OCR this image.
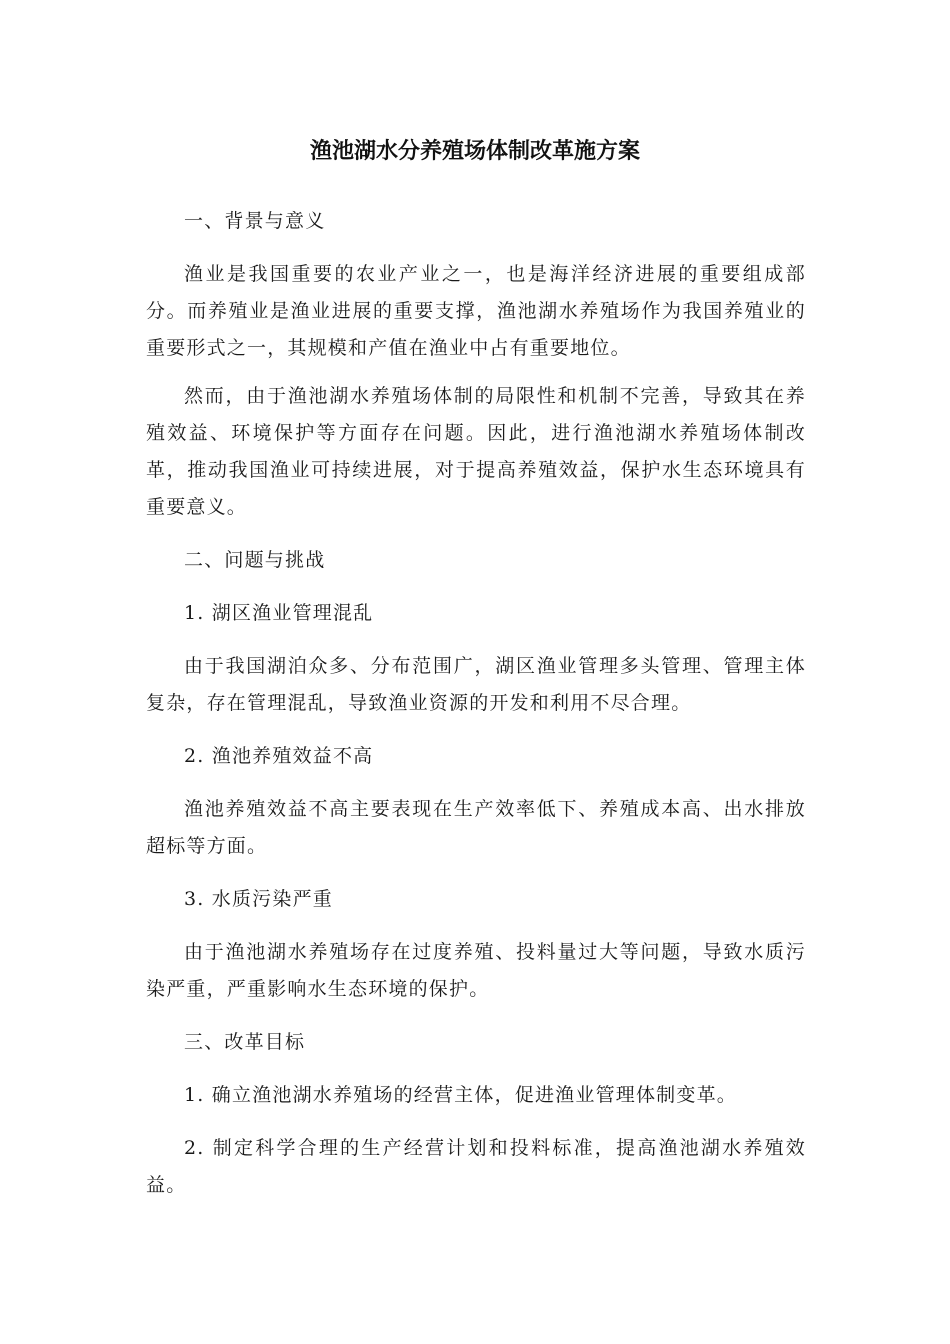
渔池湖水分养殖场体制改革施方案

一、背景与意义

渔业是我国重要的农业产业之一，也是海洋经济进展的重要组成部分。而养殖业是渔业进展的重要支撑，渔池湖水养殖场作为我国养殖业的重要形式之一，其规模和产值在渔业中占有重要地位。

然而，由于渔池湖水养殖场体制的局限性和机制不完善，导致其在养殖效益、环境保护等方面存在问题。因此，进行渔池湖水养殖场体制改革，推动我国渔业可持续进展，对于提高养殖效益，保护水生态环境具有重要意义。

二、问题与挑战

1. 湖区渔业管理混乱

由于我国湖泊众多、分布范围广，湖区渔业管理多头管理、管理主体复杂，存在管理混乱，导致渔业资源的开发和利用不尽合理。

2. 渔池养殖效益不高

渔池养殖效益不高主要表现在生产效率低下、养殖成本高、出水排放超标等方面。

3. 水质污染严重

由于渔池湖水养殖场存在过度养殖、投料量过大等问题，导致水质污染严重，严重影响水生态环境的保护。

三、改革目标

1. 确立渔池湖水养殖场的经营主体，促进渔业管理体制变革。

2. 制定科学合理的生产经营计划和投料标准，提高渔池湖水养殖效益。
